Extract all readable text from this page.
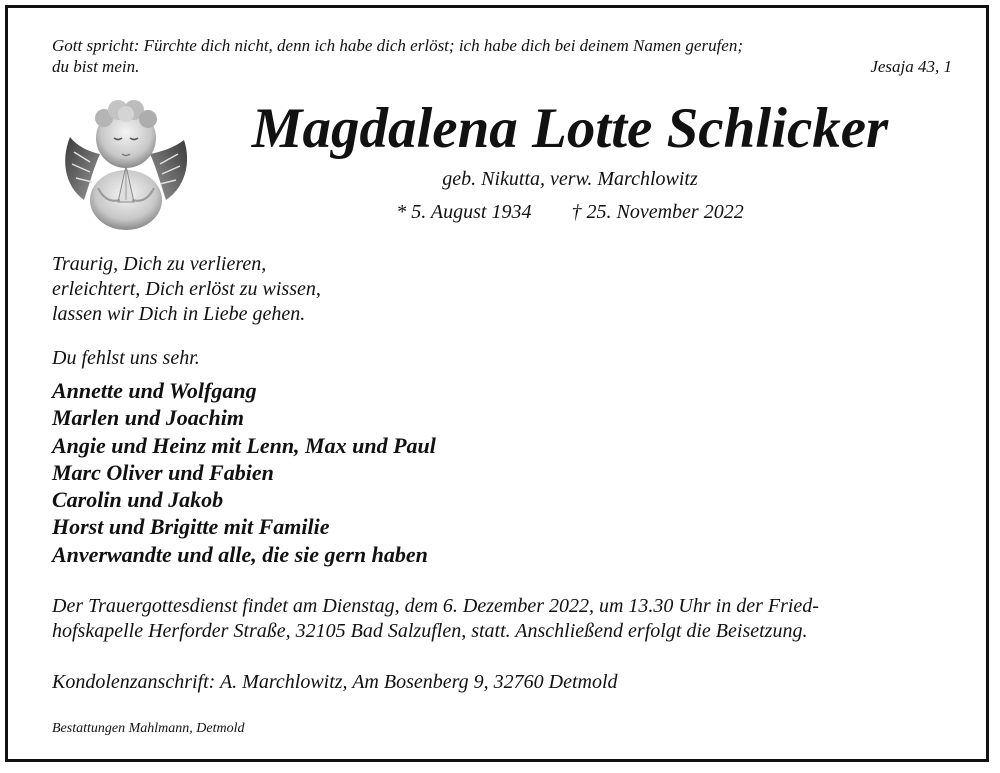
Gott spricht: Fürchte dich nicht, denn ich habe dich erlöst; ich habe dich bei deinem Namen gerufen;
du bist mein.	Jesaja 43, 1
Magdalena Lotte Schlicker
geb. Nikutta, verw. Marchlowitz
* 5. August 1934 † 25. November 2022
Traurig, Dich zu verlieren,
erleichtert, Dich erlöst zu wissen,
lassen wir Dich in Liebe gehen.
Du fehlst uns sehr.
Annette und Wolfgang
Marlen und Joachim
Angie und Heinz mit Lenn, Max und Paul
Marc Oliver und Fabien
Carolin und Jakob
Horst und Brigitte mit Familie
Anverwandte und alle, die sie gern haben
Der Trauergottesdienst findet am Dienstag, dem 6. Dezember 2022, um 13.30 Uhr in der Fried-
hofskapelle Herforder Straße, 32105 Bad Salzuflen, statt. Anschließend erfolgt die Beisetzung.
Kondolenzanschrift: A. Marchlowitz, Am Bosenberg 9, 32760 Detmold
Bestattungen Mahlmann, Detmold
